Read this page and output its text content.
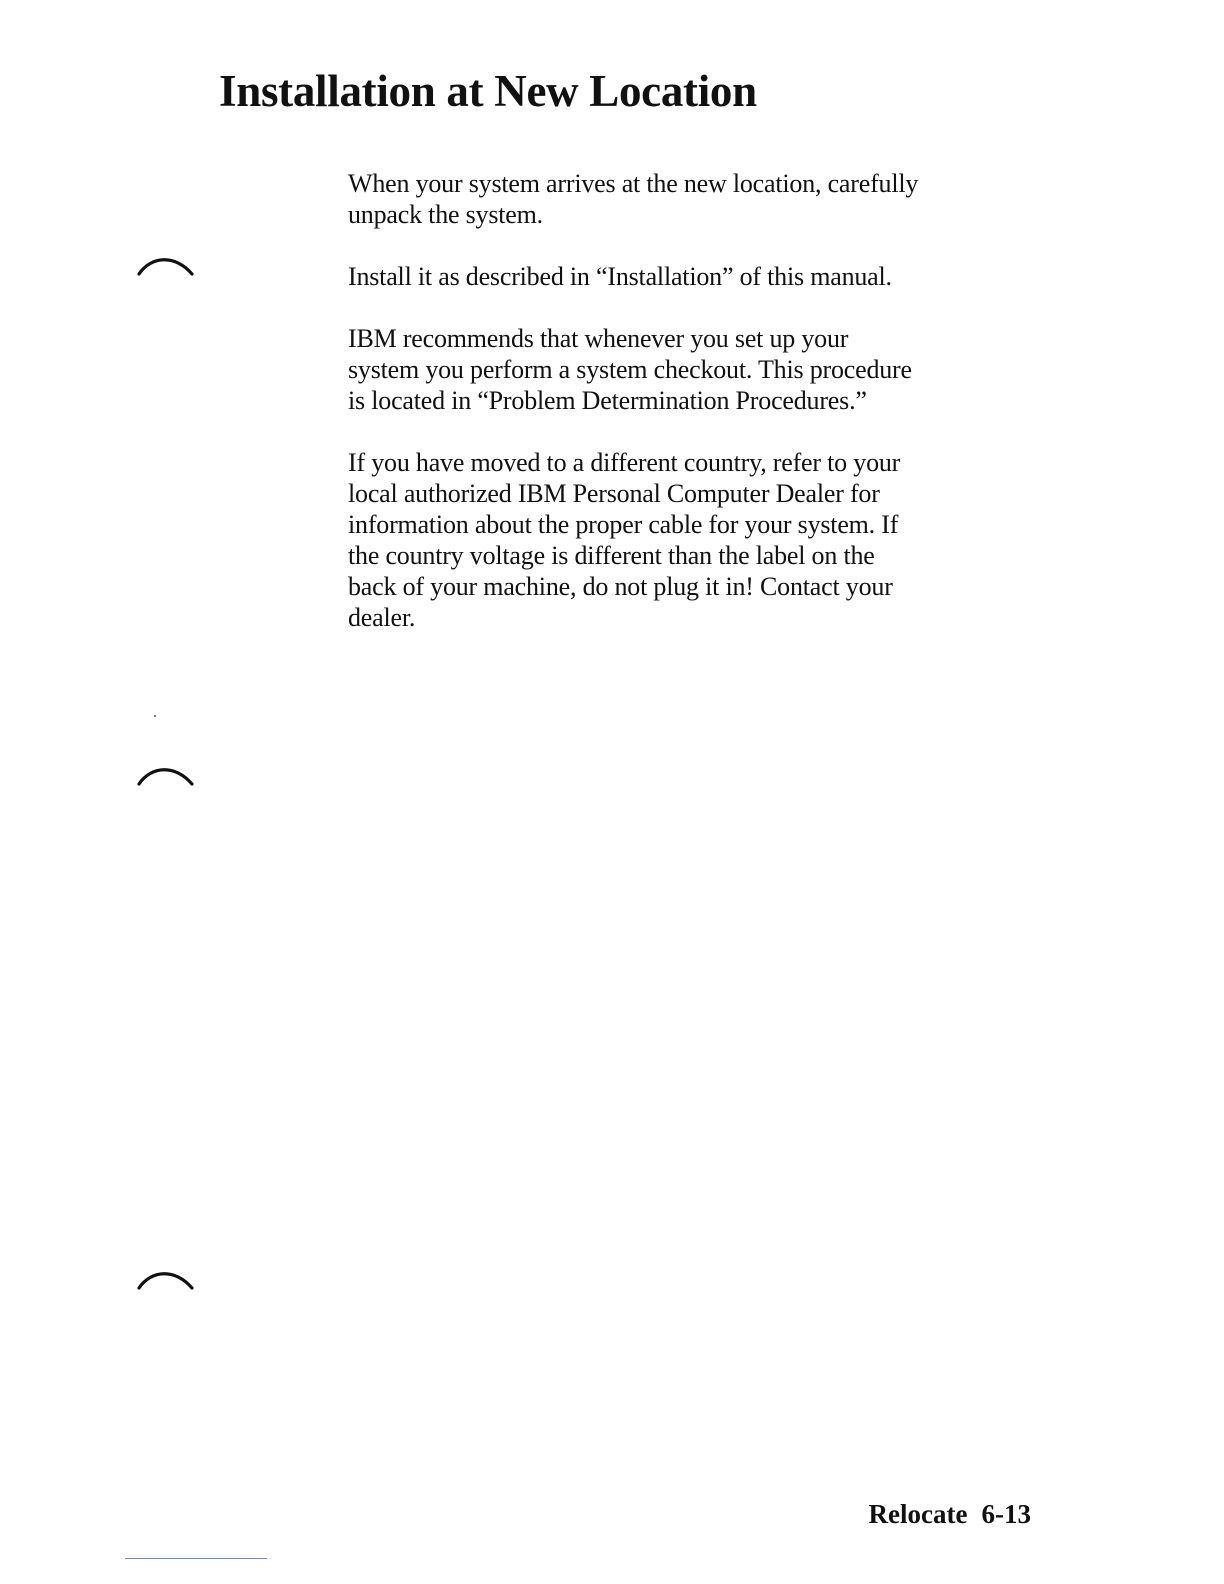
Installation at New Location

When your system arrives at the new location, carefully
unpack the system.

Install it as described in “Installation” of this manual.

IBM recommends that whenever you set up your
system you perform a system checkout. This procedure
is located in “Problem Determination Procedures.”

If you have moved to a different country, refer to your
local authorized IBM Personal Computer Dealer for
information about the proper cable for your system. If
the country voltage is different than the label on the
back of your machine, do not plug it in! Contact your
dealer.

Relocate 6-13
